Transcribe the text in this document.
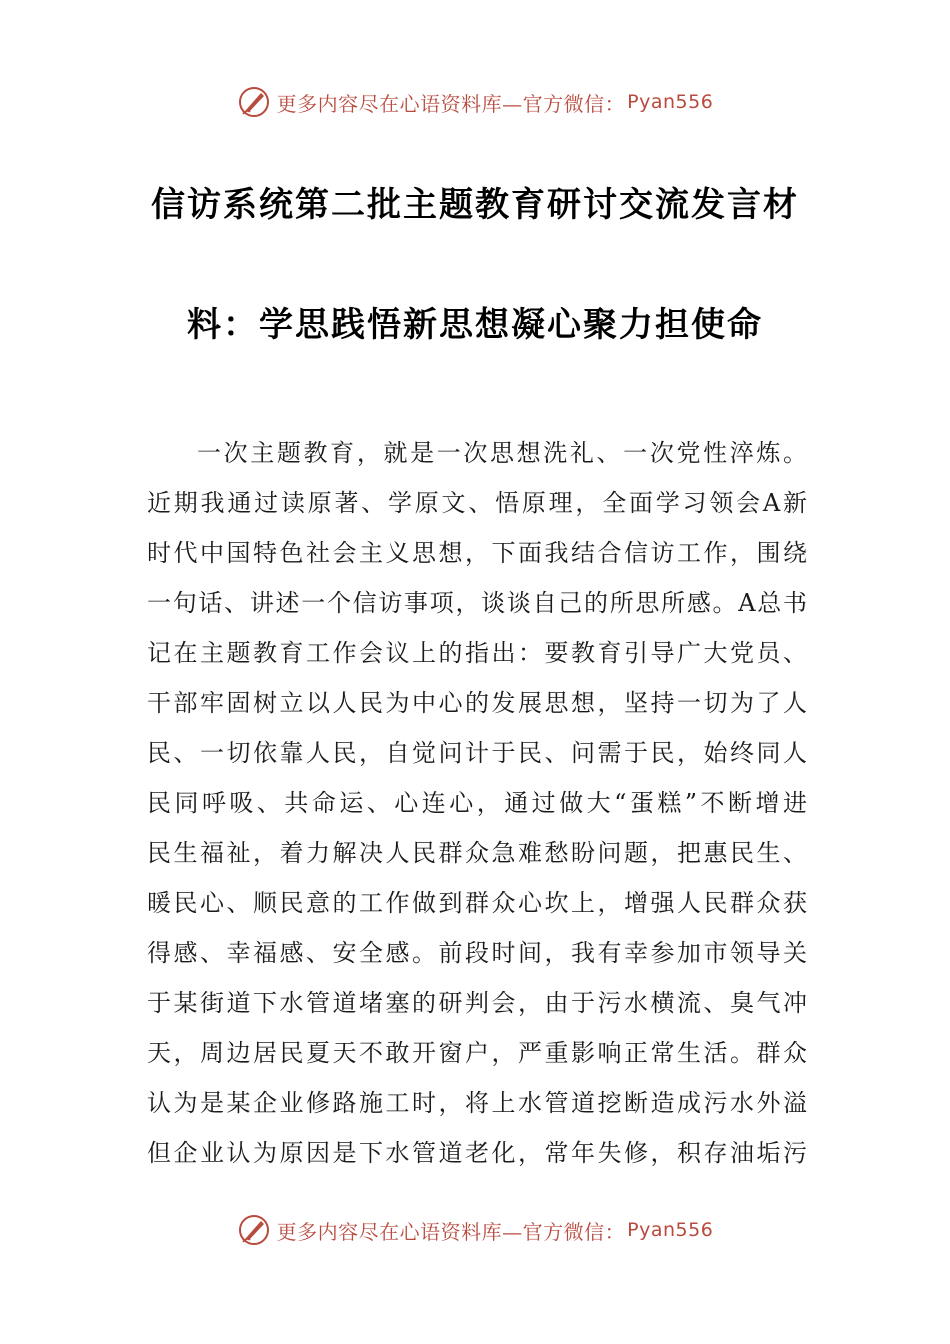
更多内容尽在心语资料库—官方微信： Pyan556
信访系统第二批主题教育研讨交流发言材
料：学思践悟新思想凝心聚力担使命
一次主题教育，就是一次思想洗礼、一次党性淬炼。
近期我通过读原著、学原文、悟原理，全面学习领会A新
时代中国特色社会主义思想，下面我结合信访工作，围绕
一句话、讲述一个信访事项，谈谈自己的所思所感。A总书
记在主题教育工作会议上的指出：要教育引导广大党员、
干部牢固树立以人民为中心的发展思想，坚持一切为了人
民、一切依靠人民，自觉问计于民、问需于民，始终同人
民同呼吸、共命运、心连心，通过做大“蛋糕”不断增进
民生福祉，着力解决人民群众急难愁盼问题，把惠民生、
暖民心、顺民意的工作做到群众心坎上，增强人民群众获
得感、幸福感、安全感。前段时间，我有幸参加市领导关
于某街道下水管道堵塞的研判会，由于污水横流、臭气冲
天，周边居民夏天不敢开窗户，严重影响正常生活。群众
认为是某企业修路施工时，将上水管道挖断造成污水外溢
但企业认为原因是下水管道老化，常年失修，积存油垢污
更多内容尽在心语资料库—官方微信： Pyan556
